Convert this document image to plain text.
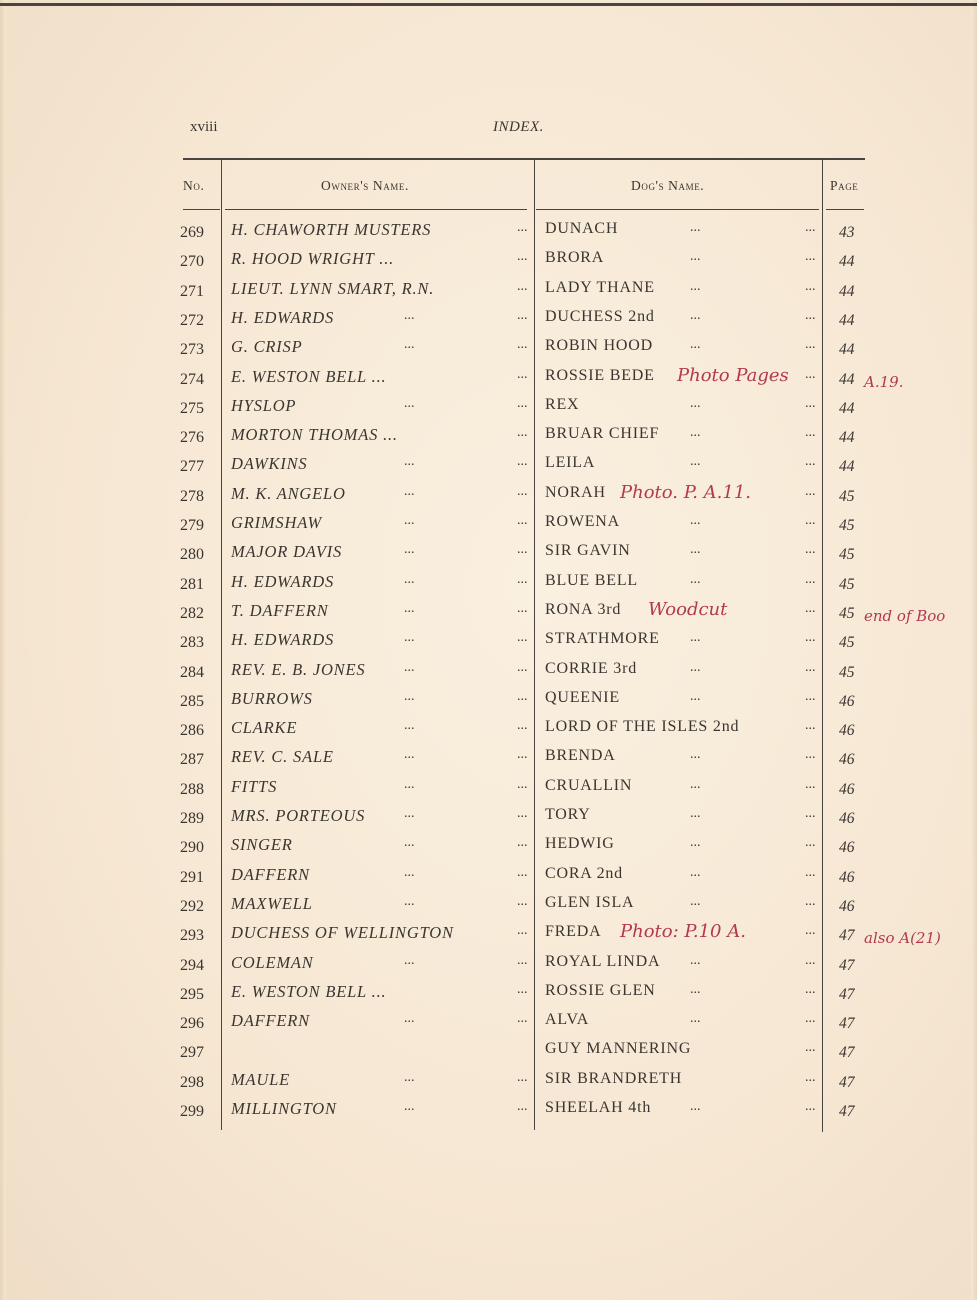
xviii	INDEX.
No.	Owner's Name.	Dog's Name.	Page
269 H. CHAWORTH MUSTERS	... DUNACH	...	... 43
270 R. HOOD WRIGHT ...	... BRORA	...	... 44
271 LIEUT. LYNN SMART, R.N.	... LADY THANE	...	... 44
272 H. EDWARDS	...	... DUCHESS 2nd	...	... 44
273 G. CRISP	...	... ROBIN HOOD	...	... 44
274 E. WESTON BELL ...	... ROSSIE BEDE	... 44
Photo Pages	A.19.
275 HYSLOP	...	... REX	...	... 44
276 MORTON THOMAS ...	... BRUAR CHIEF ...	... 44
277 DAWKINS	...	... LEILA	...	... 44
278 M. K. ANGELO	...	... NORAH	... 45
Photo. P. A.11.
279 GRIMSHAW	...	... ROWENA	...	... 45
280 MAJOR DAVIS	...	... SIR GAVIN	...	... 45
281 H. EDWARDS	...	... BLUE BELL	...	... 45
282 T. DAFFERN	...	... RONA 3rd	... 45
Woodcut	end of Boo
283 H. EDWARDS	...	... STRATHMORE ...	... 45
284 REV. E. B. JONES	...	... CORRIE 3rd	...	... 45
285 BURROWS	...	... QUEENIE	...	... 46
286 CLARKE	...	... LORD OF THE ISLES 2nd	... 46
287 REV. C. SALE	...	... BRENDA	...	... 46
288 FITTS	...	... CRUALLIN	...	... 46
289 MRS. PORTEOUS	...	... TORY	...	... 46
290 SINGER	...	... HEDWIG	...	... 46
291 DAFFERN	...	... CORA 2nd	...	... 46
292 MAXWELL	...	... GLEN ISLA	...	... 46
293 DUCHESS OF WELLINGTON	... FREDA	... 47
Photo: P.10 A.	also A(21)
294 COLEMAN	...	... ROYAL LINDA ...	... 47
295 E. WESTON BELL ...	... ROSSIE GLEN ...	... 47
296 DAFFERN	...	... ALVA	...	... 47
297	GUY MANNERING	... 47
298 MAULE	...	... SIR BRANDRETH	... 47
299 MILLINGTON	...	... SHEELAH 4th	...	... 47
